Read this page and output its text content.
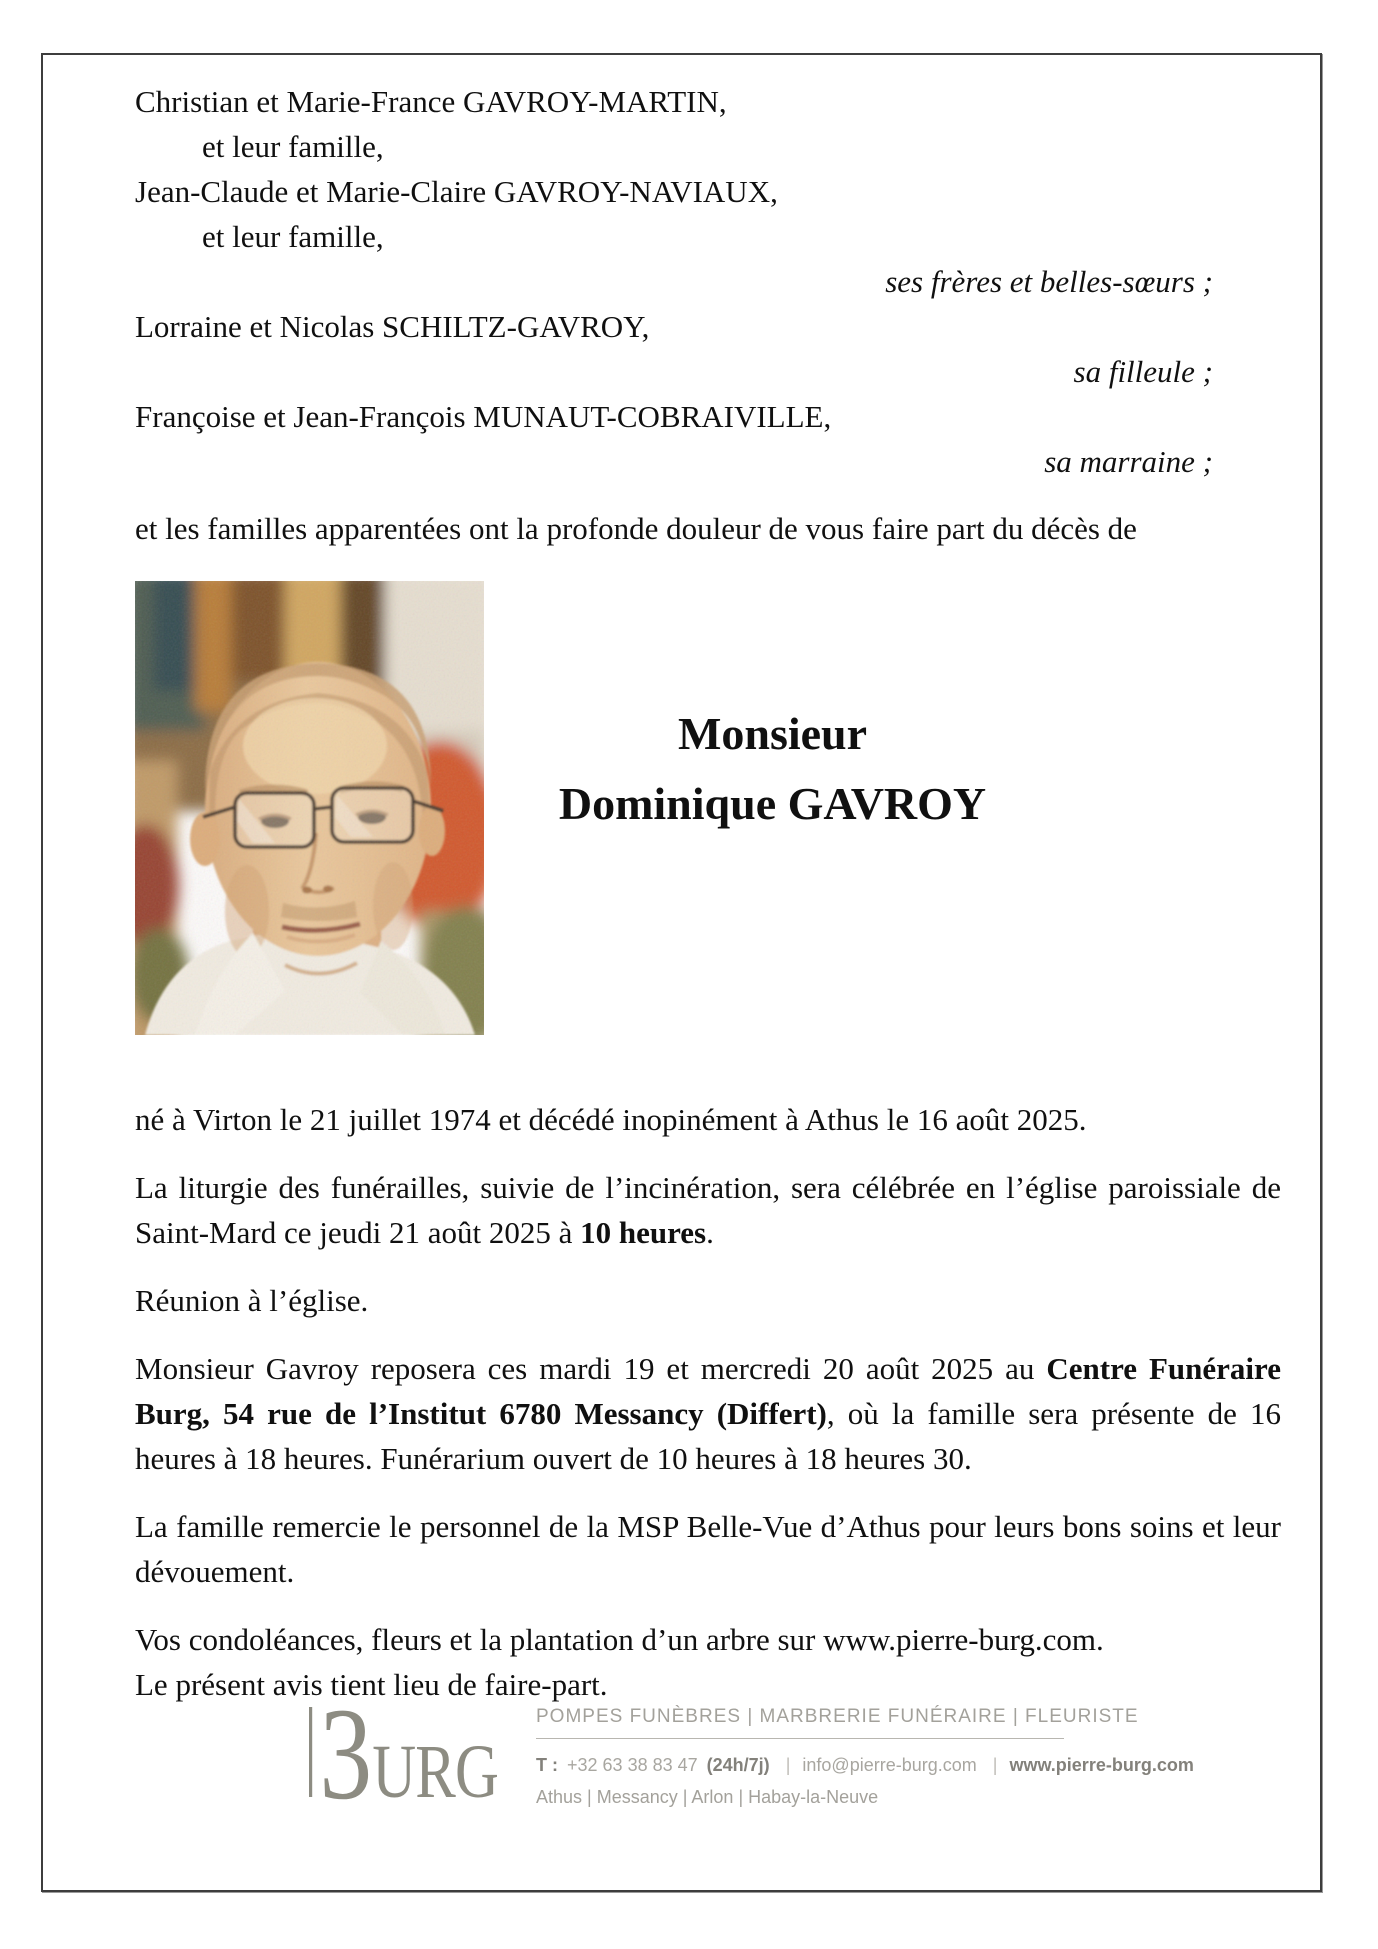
Christian et Marie-France GAVROY-MARTIN,
et leur famille,
Jean-Claude et Marie-Claire GAVROY-NAVIAUX,
et leur famille,
ses frères et belles-sœurs ;
Lorraine et Nicolas SCHILTZ-GAVROY,
sa filleule ;
Françoise et Jean-François MUNAUT-COBRAIVILLE,
sa marraine ;

et les familles apparentées ont la profonde douleur de vous faire part du décès de

Monsieur
Dominique GAVROY

né à Virton le 21 juillet 1974 et décédé inopinément à Athus le 16 août 2025.

La liturgie des funérailles, suivie de l’incinération, sera célébrée en l’église paroissiale de Saint-Mard ce jeudi 21 août 2025 à 10 heures.

Réunion à l’église.

Monsieur Gavroy reposera ces mardi 19 et mercredi 20 août 2025 au Centre Funéraire Burg, 54 rue de l’Institut 6780 Messancy (Differt), où la famille sera présente de 16 heures à 18 heures. Funérarium ouvert de 10 heures à 18 heures 30.

La famille remercie le personnel de la MSP Belle-Vue d’Athus pour leurs bons soins et leur dévouement.

Vos condoléances, fleurs et la plantation d’un arbre sur www.pierre-burg.com.
Le présent avis tient lieu de faire-part.

3 URG
POMPES FUNÈBRES | MARBRERIE FUNÉRAIRE | FLEURISTE
T : +32 63 38 83 47 (24h/7j) | info@pierre-burg.com | www.pierre-burg.com
Athus | Messancy | Arlon | Habay-la-Neuve
